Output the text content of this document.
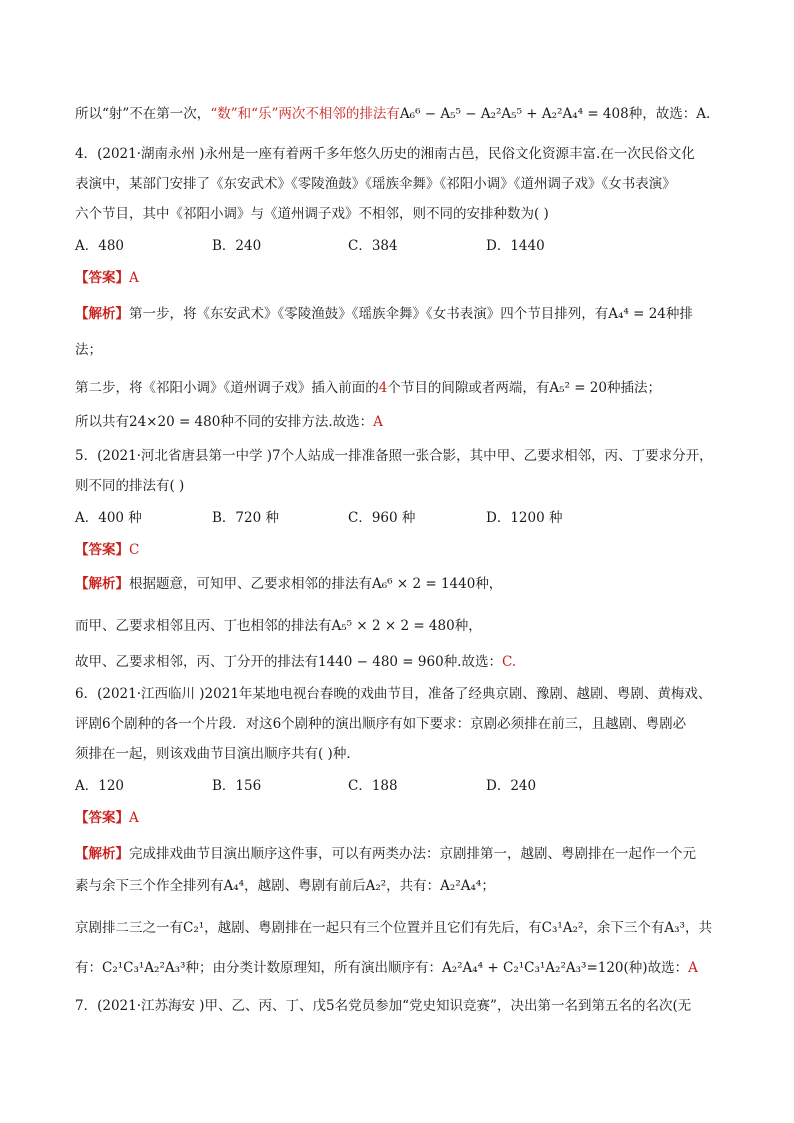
所以“射”不在第一次，“数”和“乐”两次不相邻的排法有A₆⁶ − A₅⁵ − A₂²A₅⁵ + A₂²A₄⁴ = 408种，故选：A.
4．(2021·湖南永州 )永州是一座有着两千多年悠久历史的湘南古邑，民俗文化资源丰富.在一次民俗文化
表演中，某部门安排了《东安武术》《零陵渔鼓》《瑶族伞舞》《祁阳小调》《道州调子戏》《女书表演》
六个节目，其中《祁阳小调》与《道州调子戏》不相邻，则不同的安排种数为( )
A．480	B．240	C．384	D．1440
【答案】A
【解析】第一步，将《东安武术》《零陵渔鼓》《瑶族伞舞》《女书表演》四个节目排列，有A₄⁴ = 24种排
法；
第二步，将《祁阳小调》《道州调子戏》插入前面的4个节目的间隙或者两端，有A₅² = 20种插法；
所以共有24×20 = 480种不同的安排方法.故选：A
5．(2021·河北省唐县第一中学 )7个人站成一排准备照一张合影，其中甲、乙要求相邻，丙、丁要求分开，
则不同的排法有( )
A．400 种	B．720 种	C．960 种	D．1200 种
【答案】C
【解析】根据题意，可知甲、乙要求相邻的排法有A₆⁶ × 2 = 1440种，
而甲、乙要求相邻且丙、丁也相邻的排法有A₅⁵ × 2 × 2 = 480种，
故甲、乙要求相邻，丙、丁分开的排法有1440 − 480 = 960种.故选：C.
6．(2021·江西临川 )2021年某地电视台春晚的戏曲节目，准备了经典京剧、豫剧、越剧、粤剧、黄梅戏、
评剧6个剧种的各一个片段．对这6个剧种的演出顺序有如下要求：京剧必须排在前三，且越剧、粤剧必
须排在一起，则该戏曲节目演出顺序共有( )种．
A．120	B．156	C．188	D．240
【答案】A
【解析】完成排戏曲节目演出顺序这件事，可以有两类办法：京剧排第一，越剧、粤剧排在一起作一个元
素与余下三个作全排列有A₄⁴，越剧、粤剧有前后A₂²，共有：A₂²A₄⁴；
京剧排二三之一有C₂¹，越剧、粤剧排在一起只有三个位置并且它们有先后，有C₃¹A₂²，余下三个有A₃³，共
有：C₂¹C₃¹A₂²A₃³种；由分类计数原理知，所有演出顺序有：A₂²A₄⁴ + C₂¹C₃¹A₂²A₃³=120(种)故选：A
7．(2021·江苏海安 )甲、乙、丙、丁、戊5名党员参加“党史知识竞赛”，决出第一名到第五名的名次(无
